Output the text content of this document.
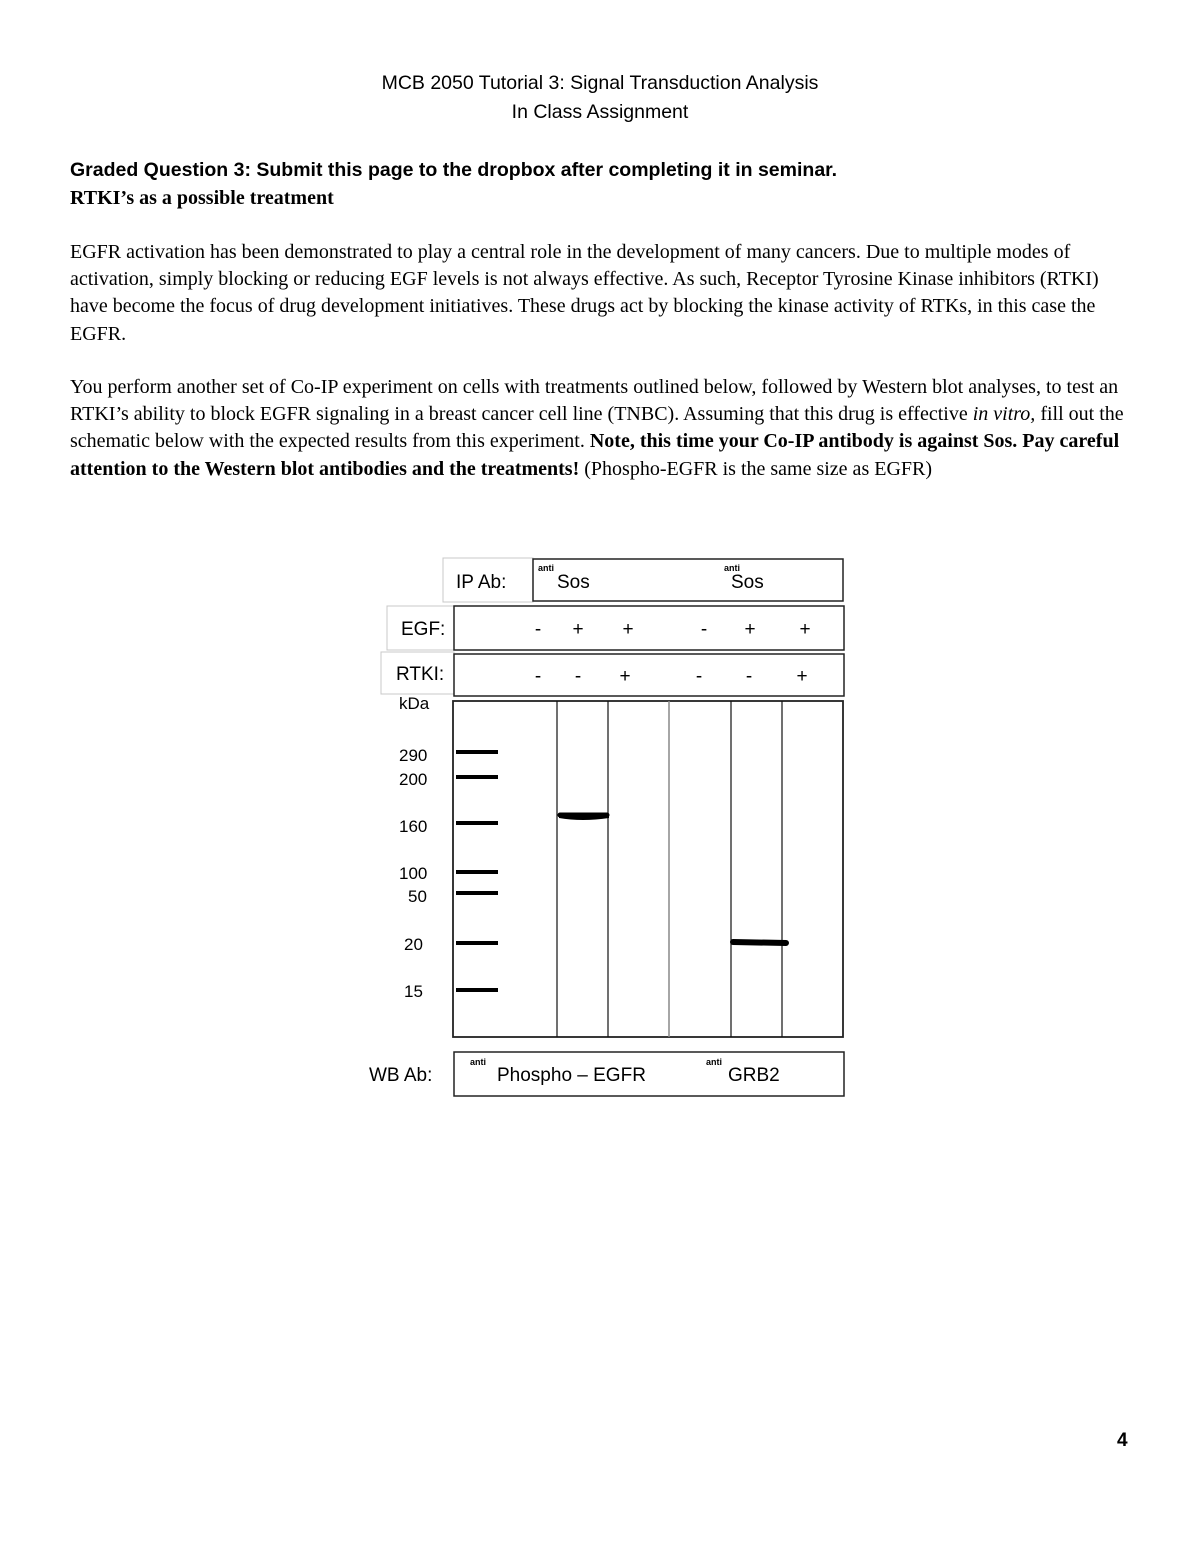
MCB 2050 Tutorial 3: Signal Transduction Analysis
In Class Assignment
Graded Question 3: Submit this page to the dropbox after completing it in seminar.
RTKI’s as a possible treatment

EGFR activation has been demonstrated to play a central role in the development of many cancers. Due to multiple modes of activation, simply blocking or reducing EGF levels is not always effective. As such, Receptor Tyrosine Kinase inhibitors (RTKI) have become the focus of drug development initiatives. These drugs act by blocking the kinase activity of RTKs, in this case the EGFR.

You perform another set of Co-IP experiment on cells with treatments outlined below, followed by Western blot analyses, to test an RTKI’s ability to block EGFR signaling in a breast cancer cell line (TNBC). Assuming that this drug is effective in vitro, fill out the schematic below with the expected results from this experiment. Note, this time your Co-IP antibody is against Sos. Pay careful attention to the Western blot antibodies and the treatments! (Phospho-EGFR is the same size as EGFR)

IP Ab:
anti
Sos
anti
Sos
EGF:	- + +	- + +
RTKI:	- - +	- - +
kDa
290
200
160
100
50
20
15
WB Ab:
anti
Phospho – EGFR
anti
GRB2
4
